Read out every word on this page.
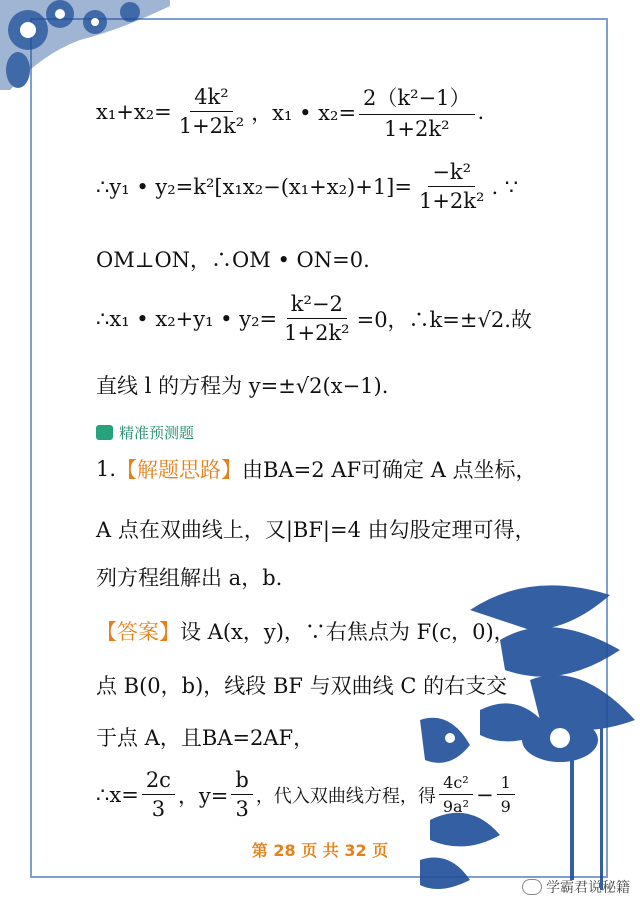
$x_1+x_2= \frac{\text{4k²}}{\text{1+2k²}}$ ，x₁ • $x_2= \frac{\text{2（k²−1）}}{\text{1+2k²}}$ .
∴y₁ • $y_2=k^2[x_1x_2-(x_1+x_2)+1]= \frac{\text{−k²}}{\text{1+2k²}}$ . ∵
OM⊥ON，∴OM • ON=0.
∴x₁ • x₂+y₁ • $y_2= \frac{\text{k²−2}}{\text{1+2k²}} =0$，∴k=±√2.故
直线 l 的方程为 y=±√2(x−1).
精准预测题
1. 【解题思路】 由BA=2 AF可确定 A 点坐标，
A 点在双曲线上，又|BF|=4 由勾股定理可得，
列方程组解出 a，b.
【答案】 设 A(x，y)，∵右焦点为 F(c，0)，
点 B(0，b)，线段 BF 与双曲线 C 的右支交
于点 A，且BA=2AF，
∴x= $\frac{2c}{3}$ ，$y= \frac{b}{3}$ ，代入双曲线方程，得 $\frac{\text{4c²}}{\text{9a²}} - \frac{1}{9}$
第 28 页 共 32 页
学霸君说秘籍
